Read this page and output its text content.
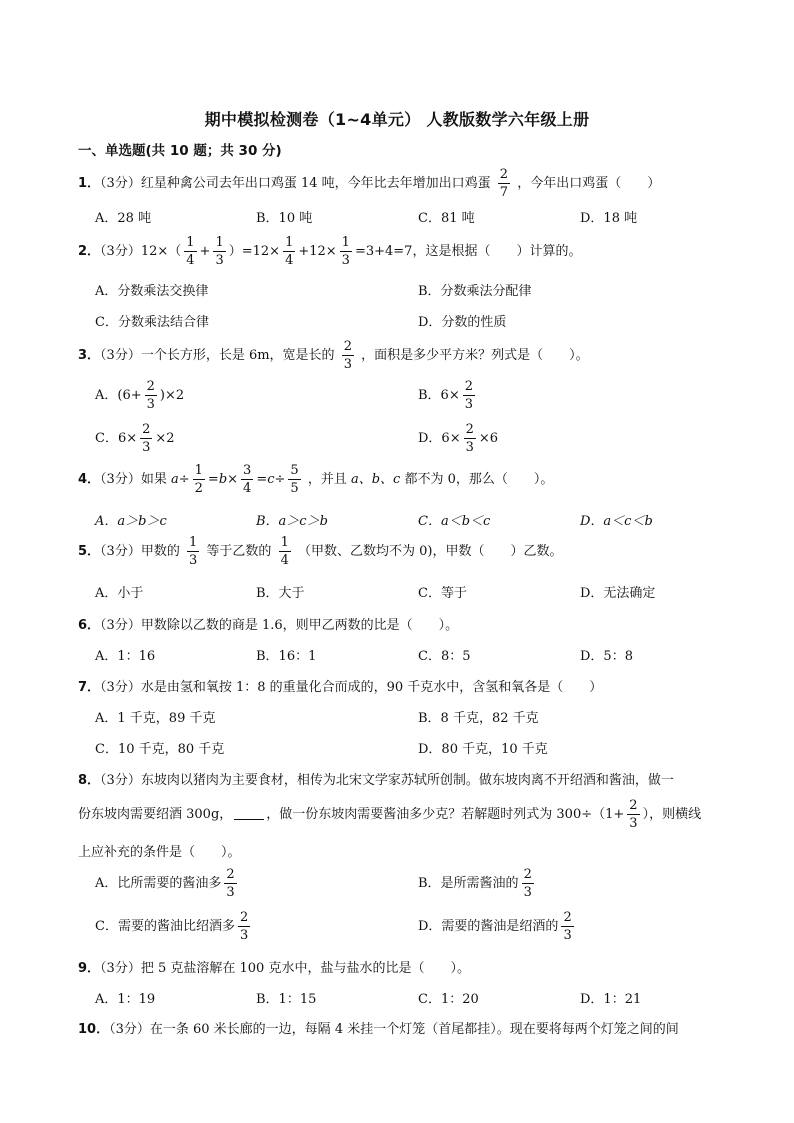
期中模拟检测卷（1~4单元） 人教版数学六年级上册
一、单选题(共 10 题；共 30 分)
1．（3分）红星种禽公司去年出口鸡蛋 14 吨，今年比去年增加出口鸡蛋 $\frac{2}{7}$ ，今年出口鸡蛋（　　）
A．28 吨	B．10 吨	C．81 吨	D．18 吨
2．（3分）$12\times( \frac{1}{4} + \frac{1}{3} )=12\times \frac{1}{4} +12\times \frac{1}{3} =3+4=7$，这是根据（　　）计算的。
A．分数乘法交换律	B．分数乘法分配律
C．分数乘法结合律	D．分数的性质
3．（3分）一个长方形，长是 6m，宽是长的 $\frac{2}{3}$ ，面积是多少平方米？列式是（　　）。
A．$(6+ \frac{2}{3} )\times 2$	B．$6\times \frac{2}{3}$
C．$6\times \frac{2}{3} \times 2$	D．$6\times \frac{2}{3} \times 6$
4．（3分）如果 $a\div \frac{1}{2} =b\times \frac{3}{4} =c\div \frac{5}{5}$ ，并且 a、b、c 都不为 0，那么（　　）。
A．a＞b＞c	B．a＞c＞b	C．a＜b＜c	D．a＜c＜b
5．（3分）甲数的 $\frac{1}{3}$ 等于乙数的 $\frac{1}{4}$ （甲数、乙数均不为 0)，甲数（　　）乙数。
A．小于	B．大于	C．等于	D．无法确定
6．（3分）甲数除以乙数的商是 1.6，则甲乙两数的比是（　　）。
A．1：16	B．16：1	C．8：5	D．5：8
7．（3分）水是由氢和氧按 1：8 的重量化合而成的，90 千克水中，含氢和氧各是（　　）
A．1 千克，89 千克	B．8 千克，82 千克
C．10 千克，80 千克	D．80 千克，10 千克
8．（3分）东坡肉以猪肉为主要食材，相传为北宋文学家苏轼所创制。做东坡肉离不开绍酒和酱油，做一
份东坡肉需要绍酒 300g，	，做一份东坡肉需要酱油多少克？若解题时列式为 $300\div(1+ \frac{2}{3}$ ），则横线
上应补充的条件是（　　）。
A．比所需要的酱油多 $\frac{2}{3}$	B．是所需酱油的 $\frac{2}{3}$
C．需要的酱油比绍酒多 $\frac{2}{3}$	D．需要的酱油是绍酒的 $\frac{2}{3}$
9．（3分）把 5 克盐溶解在 100 克水中，盐与盐水的比是（　　）。
A．1：19	B．1：15	C．1：20	D．1：21
10．（3分）在一条 60 米长廊的一边，每隔 4 米挂一个灯笼（首尾都挂）。现在要将每两个灯笼之间的间
